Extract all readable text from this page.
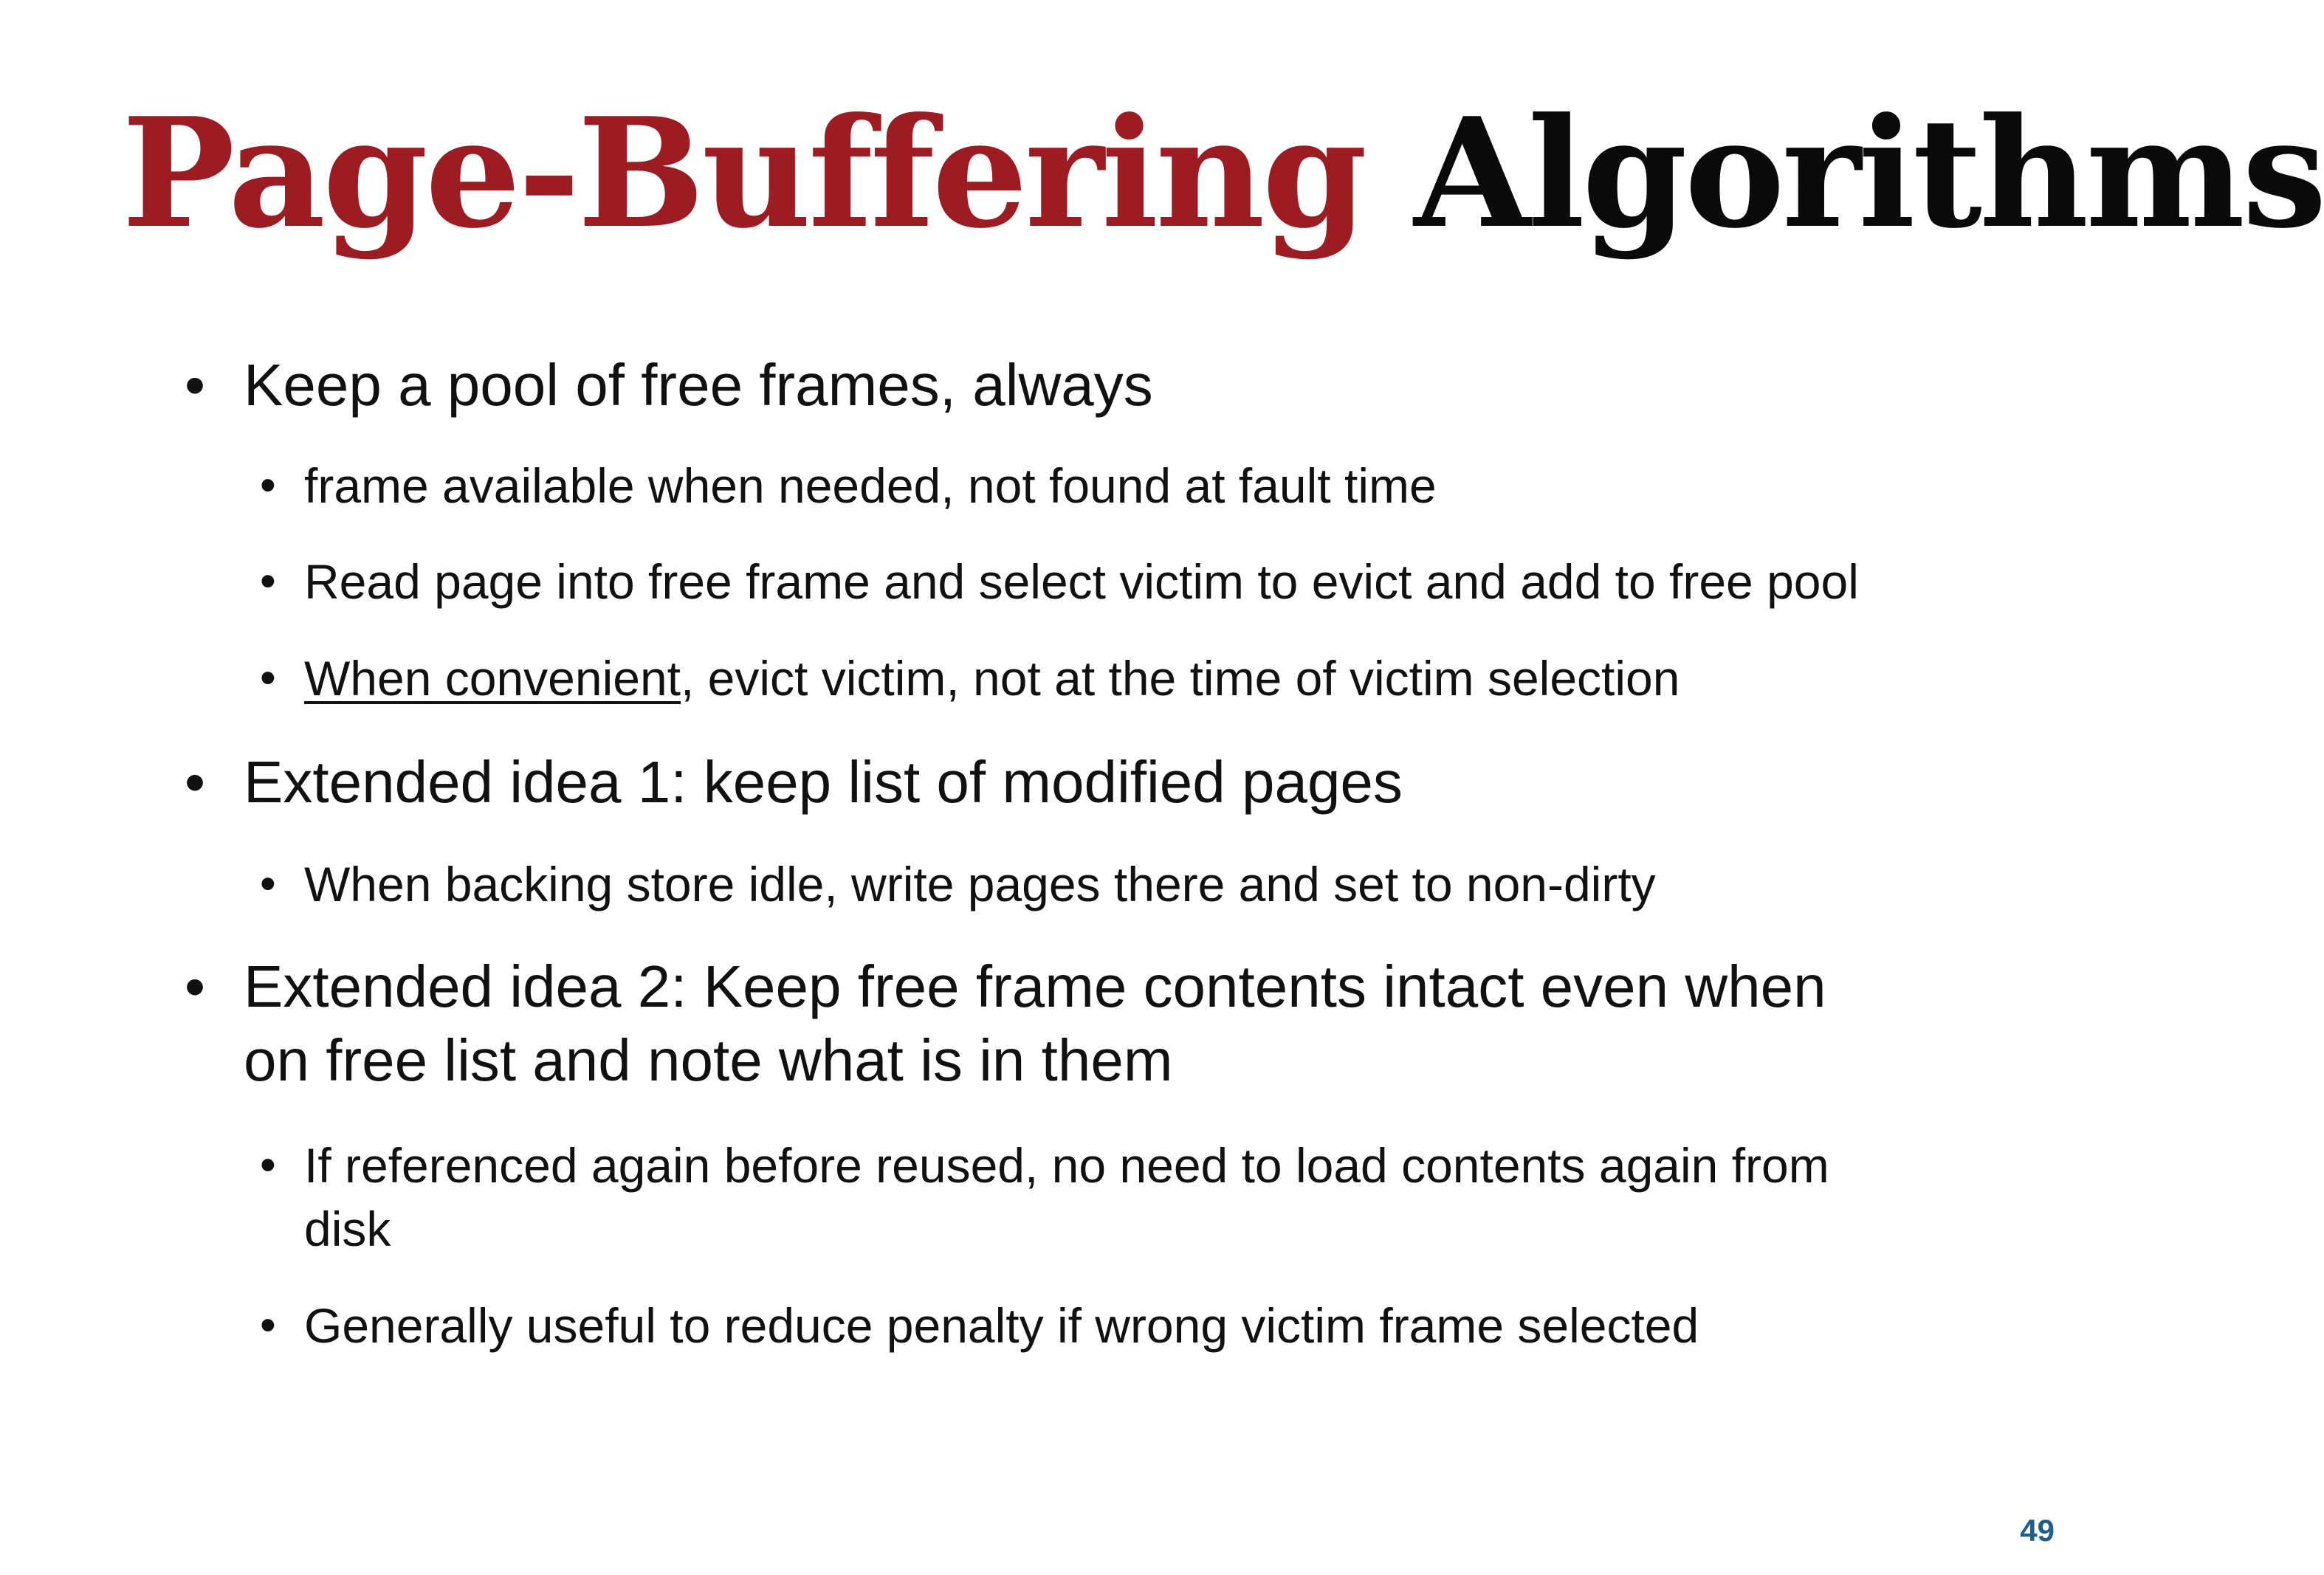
Page-Buffering Algorithms
• Keep a pool of free frames, always
• frame available when needed, not found at fault time
• Read page into free frame and select victim to evict and add to free pool
• When convenient, evict victim, not at the time of victim selection
• Extended idea 1: keep list of modified pages
• When backing store idle, write pages there and set to non-dirty
• Extended idea 2: Keep free frame contents intact even when
on free list and note what is in them
• If referenced again before reused, no need to load contents again from
disk
• Generally useful to reduce penalty if wrong victim frame selected
49
